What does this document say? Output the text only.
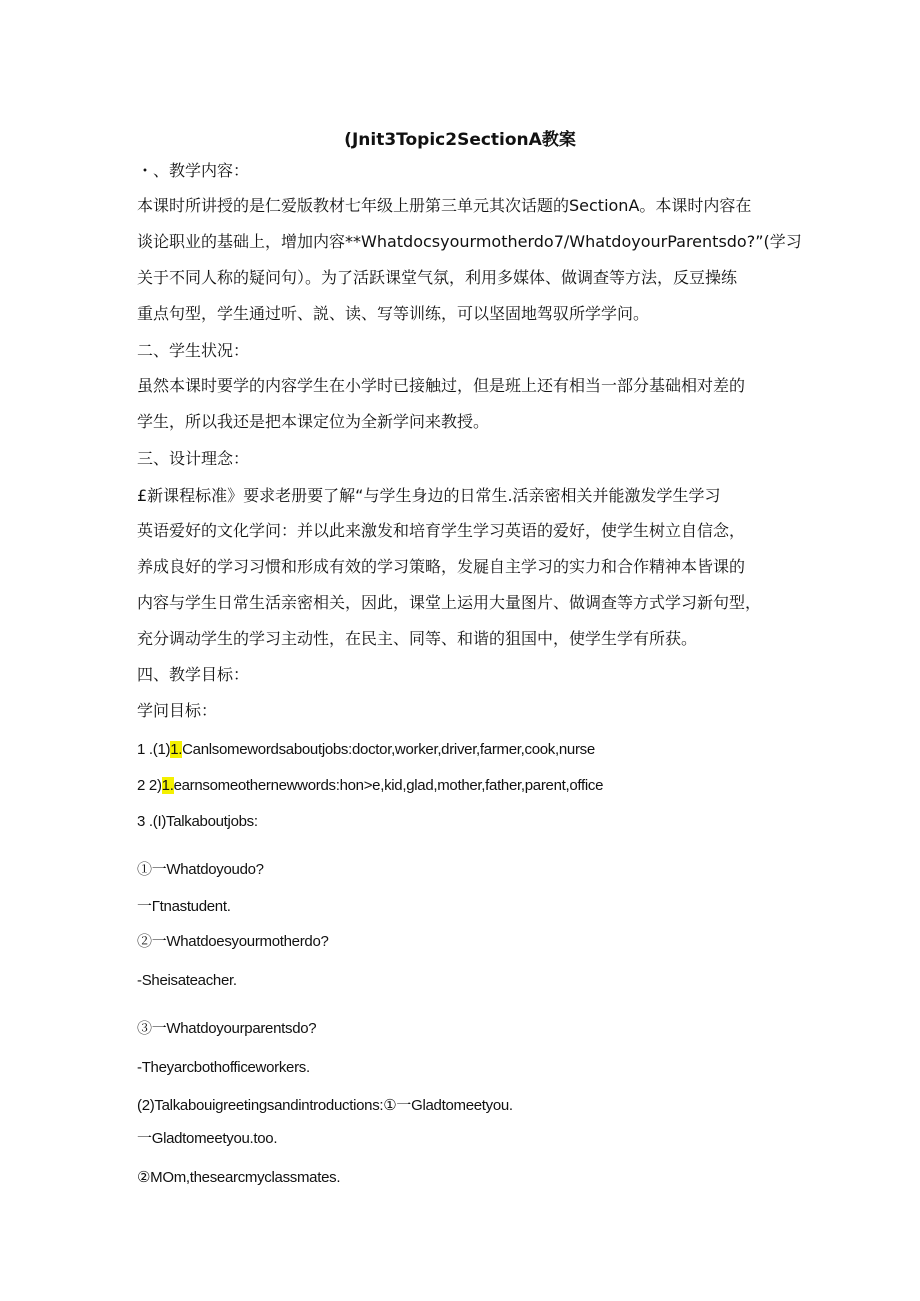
(Jnit3Topic2SectionA教案

・、教学内容：

本课时所讲授的是仁爱版教材七年级上册第三单元其次话题的SectionA。本课时内容在

谈论职业的基础上，增加内容**Whatdocsyourmotherdo7∕WhatdoyourParentsdo?”(学习

关于不同人称的疑问句）。为了活跃课堂气氛，利用多媒体、做调查等方法，反豆操练

重点句型，学生通过听、説、读、写等训练，可以坚固地驾驭所学学问。

二、学生状况：

虽然本课时要学的内容学生在小学时已接触过，但是班上还有相当一部分基础相对差的

学生，所以我还是把本课定位为全新学问来教授。

三、设计理念：

£新课程标准》要求老册要了解“与学生身边的日常生.活亲密相关并能激发学生学习

英语爱好的文化学问：并以此来激发和培育学生学习英语的爱好，使学生树立自信念，

养成良好的学习习惯和形成有效的学习策略，发屣自主学习的实力和合作精神本皆课的

内容与学生日常生活亲密相关，因此，课堂上运用大量图片、做调查等方式学习新句型，

充分调动学生的学习主动性，在民主、同等、和谐的狙国中，使学生学有所获。

四、教学目标：

学问目标：

1 .(1)1.Canlsomewordsaboutjobs:doctor,worker,driver,farmer,cook,nurse

2 2)1.earnsomeothernewwords:hon>e,kid,glad,mother,father,parent,office

3 .(I)Talkaboutjobs:

①一Whatdoyoudo?

一Γtnastudent.

②一Whatdoesyourmotherdo?

-Sheisateacher.

③一Whatdoyourparentsdo?

-Theyarcbothofficeworkers.

(2)Talkabouigreetingsandintroductions:①一Gladtomeetyou.

一Gladtomeetyou.too.

②MOm,thesearcmyclassmates.
